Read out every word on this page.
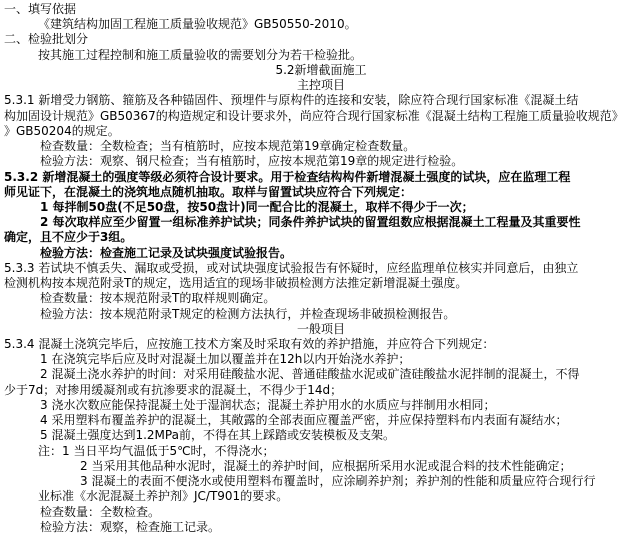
一、填写依据
《建筑结构加固工程施工质量验收规范》GB50550-2010。
二、检验批划分
按其施工过程控制和施工质量验收的需要划分为若干检验批。
5.2新增截面施工
主控项目
5.3.1 新增受力钢筋、箍筋及各种锚固件、预埋件与原构件的连接和安装，除应符合现行国家标准《混凝土结
构加固设计规范》GB50367的构造规定和设计要求外，尚应符合现行国家标准《混凝土结构工程施工质量验收规范》
》GB50204的规定。
检查数量：全数检查；当有植筋时，应按本规范第19章确定检查数量。
检验方法：观察、钢尺检查；当有植筋时，应按本规范第19章的规定进行检验。
5.3.2 新增混凝土的强度等级必须符合设计要求。用于检查结构构件新增混凝土强度的试块，应在监理工程
师见证下，在混凝土的浇筑地点随机抽取。取样与留置试块应符合下列规定：
1 每拌制50盘(不足50盘，按50盘计)同一配合比的混凝土，取样不得少于一次；
2 每次取样应至少留置一组标准养护试块；同条件养护试块的留置组数应根据混凝土工程量及其重要性
确定，且不应少于3组。
检验方法：检查施工记录及试块强度试验报告。
5.3.3 若试块不慎丢失、漏取或受损，或对试块强度试验报告有怀疑时，应经监理单位核实并同意后，由独立
检测机构按本规范附录T的规定，选用适宜的现场非破损检测方法推定新增混凝土强度。
检查数量：按本规范附录T的取样规则确定。
检验方法：按本规范附录T规定的检测方法执行，并检查现场非破损检测报告。
一般项目
5.3.4 混凝土浇筑完毕后，应按施工技术方案及时采取有效的养护措施，并应符合下列规定：
1 在浇筑完毕后应及时对混凝土加以覆盖并在12h以内开始浇水养护；
2 混凝土浇水养护的时间：对采用硅酸盐水泥、普通硅酸盐水泥或矿渣硅酸盐水泥拌制的混凝土，不得
少于7d；对掺用缓凝剂或有抗渗要求的混凝土，不得少于14d；
3 浇水次数应能保持混凝土处于湿润状态；混凝土养护用水的水质应与拌制用水相同；
4 采用塑料布覆盖养护的混凝土，其敞露的全部表面应覆盖严密，并应保持塑料布内表面有凝结水；
5 混凝土强度达到1.2MPa前，不得在其上踩踏或安装模板及支架。
注：1 当日平均气温低于5℃时，不得浇水；
2 当采用其他品种水泥时，混凝土的养护时间，应根据所采用水泥或混合料的技术性能确定；
3 混凝土的表面不便浇水或使用塑料布覆盖时，应涂刷养护剂；养护剂的性能和质量应符合现行行
业标准《水泥混凝土养护剂》JC/T901的要求。
检查数量：全数检查。
检验方法：观察，检查施工记录。
